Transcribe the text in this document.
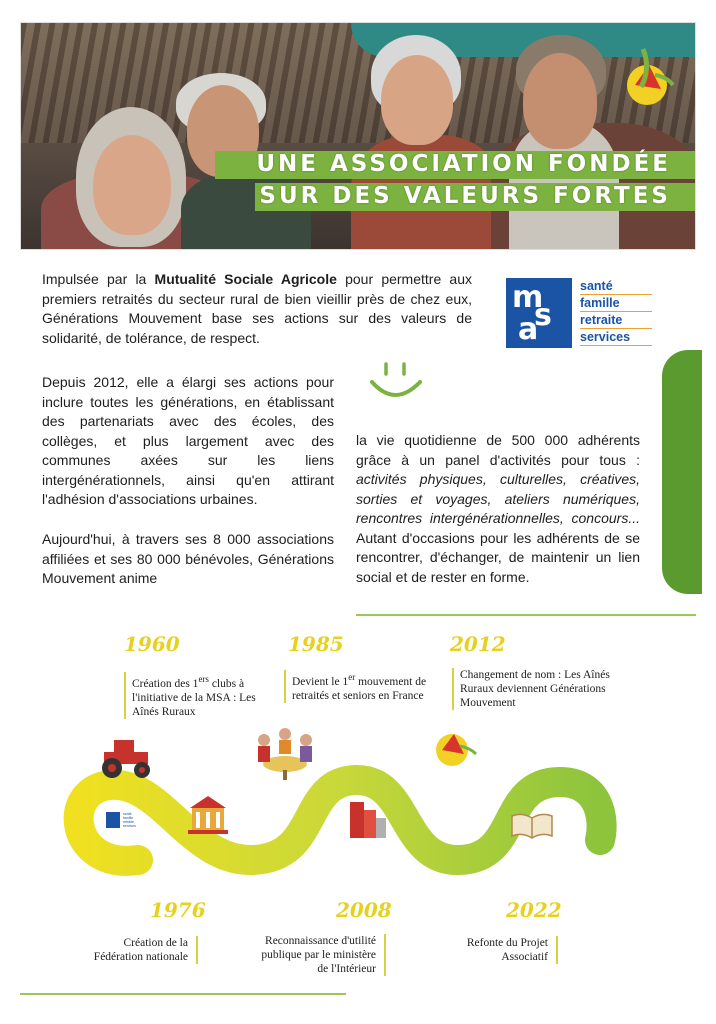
UNE ASSOCIATION FONDÉE
SUR DES VALEURS FORTES
Impulsée par la Mutualité Sociale Agricole pour permettre aux premiers retraités du secteur rural de bien vieillir près de chez eux, Générations Mouvement base ses actions sur des valeurs de solidarité, de tolérance, de respect.
m
s
a
santé
famille
retraite
services
Depuis 2012, elle a élargi ses actions pour inclure toutes les générations, en établissant des partenariats avec des écoles, des collèges, et plus largement avec des communes axées sur les liens intergénérationnels, ainsi qu'en attirant l'adhésion d'associations urbaines.
Aujourd'hui, à travers ses 8 000 associations affiliées et ses 80 000 bénévoles, Générations Mouvement anime
la vie quotidienne de 500 000 adhérents grâce à un panel d'activités pour tous : activités physiques, culturelles, créatives, sorties et voyages, ateliers numériques, rencontres intergénérationnelles, concours... Autant d'occasions pour les adhérents de se rencontrer, d'échanger, de maintenir un lien social et de rester en forme.
1960
Création des 1ers clubs à l'initiative de la MSA : Les Aînés Ruraux
1985
Devient le 1er mouvement de retraités et seniors en France
2012
Changement de nom : Les Aînés Ruraux deviennent Générations Mouvement
santé
famille
retraite
services
1976
Création de la Fédération nationale
2008
Reconnaissance d'utilité publique par le ministère de l'Intérieur
2022
Refonte du Projet Associatif
